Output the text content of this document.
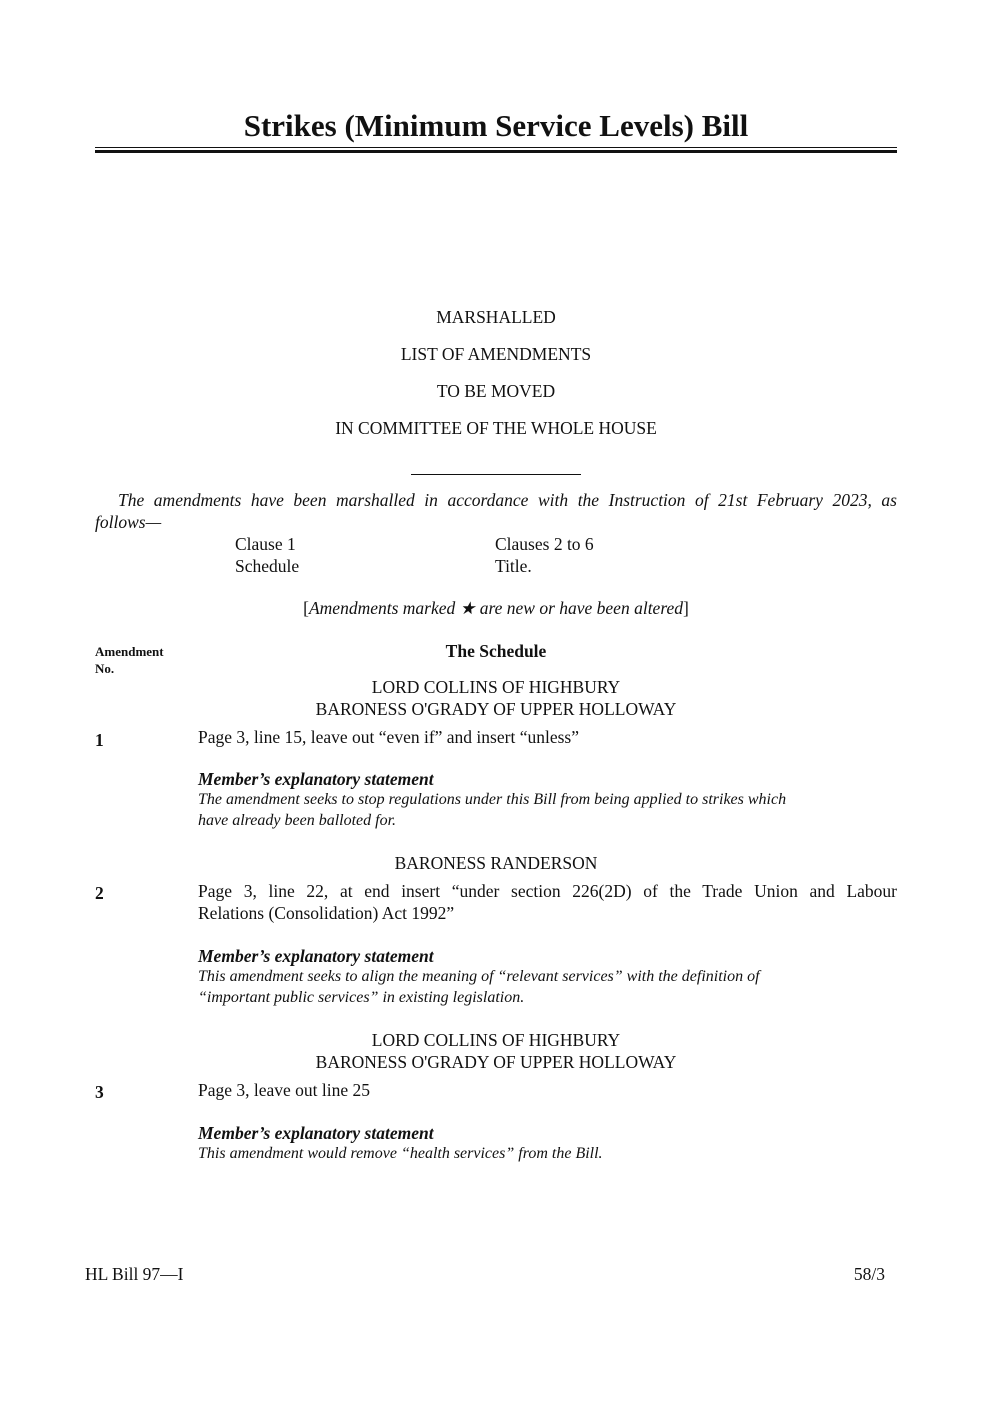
Strikes (Minimum Service Levels) Bill
MARSHALLED
LIST OF AMENDMENTS
TO BE MOVED
IN COMMITTEE OF THE WHOLE HOUSE
The amendments have been marshalled in accordance with the Instruction of 21st February 2023, as
follows—
Clause 1	Clauses 2 to 6
Schedule	Title.
[Amendments marked ★ are new or have been altered]
Amendment
No.
The Schedule
LORD COLLINS OF HIGHBURY
BARONESS O'GRADY OF UPPER HOLLOWAY
1	Page 3, line 15, leave out “even if” and insert “unless”
Member’s explanatory statement
The amendment seeks to stop regulations under this Bill from being applied to strikes which
have already been balloted for.
BARONESS RANDERSON
2	Page 3, line 22, at end insert “under section 226(2D) of the Trade Union and Labour
Relations (Consolidation) Act 1992”
Member’s explanatory statement
This amendment seeks to align the meaning of “relevant services” with the definition of
“important public services” in existing legislation.
LORD COLLINS OF HIGHBURY
BARONESS O'GRADY OF UPPER HOLLOWAY
3	Page 3, leave out line 25
Member’s explanatory statement
This amendment would remove “health services” from the Bill.
HL Bill 97—I	58/3
